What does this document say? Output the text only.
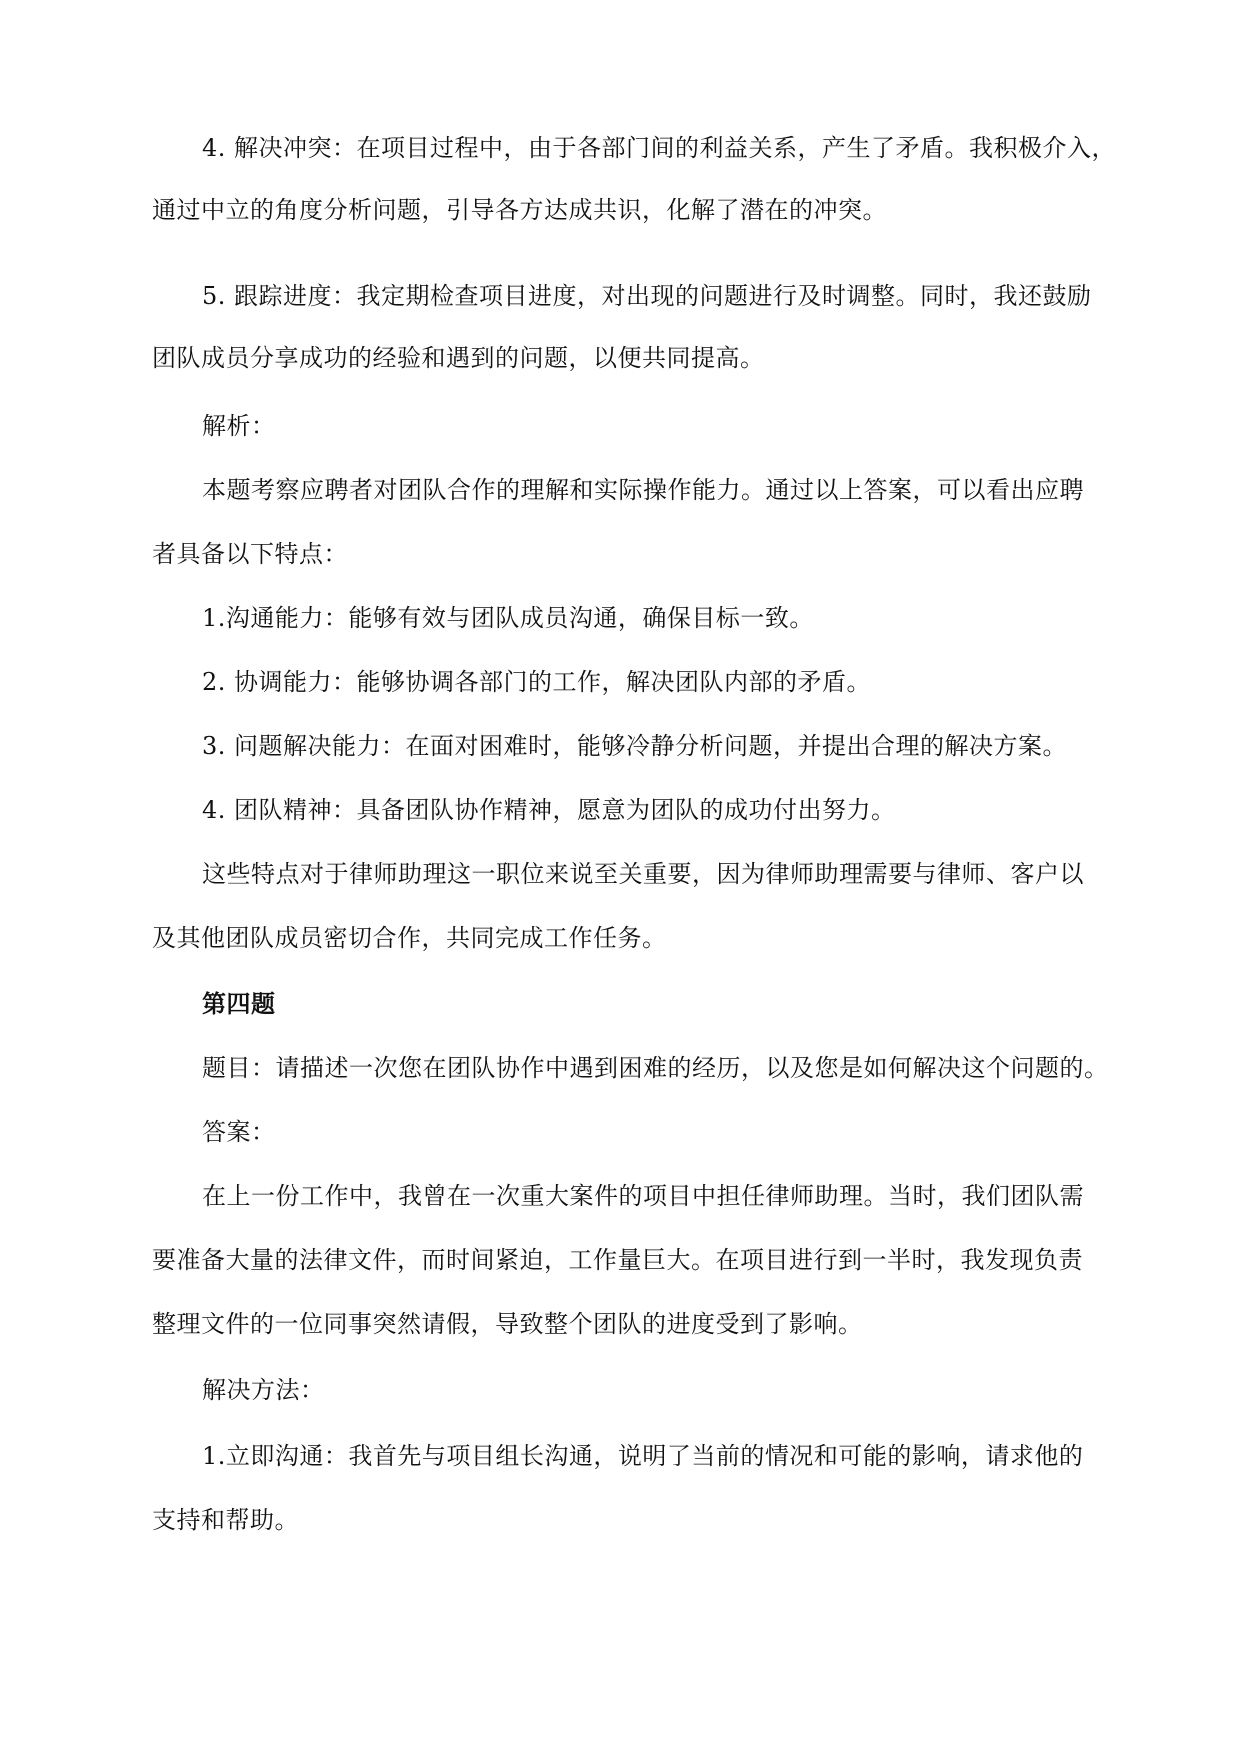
4. 解决冲突：在项目过程中，由于各部门间的利益关系，产生了矛盾。我积极介入，
通过中立的角度分析问题，引导各方达成共识，化解了潜在的冲突。
5. 跟踪进度：我定期检查项目进度，对出现的问题进行及时调整。同时，我还鼓励
团队成员分享成功的经验和遇到的问题，以便共同提高。
解析：
本题考察应聘者对团队合作的理解和实际操作能力。通过以上答案，可以看出应聘
者具备以下特点：
1.沟通能力：能够有效与团队成员沟通，确保目标一致。
2. 协调能力：能够协调各部门的工作，解决团队内部的矛盾。
3. 问题解决能力：在面对困难时，能够冷静分析问题，并提出合理的解决方案。
4. 团队精神：具备团队协作精神，愿意为团队的成功付出努力。
这些特点对于律师助理这一职位来说至关重要，因为律师助理需要与律师、客户以
及其他团队成员密切合作，共同完成工作任务。
第四题
题目：请描述一次您在团队协作中遇到困难的经历，以及您是如何解决这个问题的。
答案：
在上一份工作中，我曾在一次重大案件的项目中担任律师助理。当时，我们团队需
要准备大量的法律文件，而时间紧迫，工作量巨大。在项目进行到一半时，我发现负责
整理文件的一位同事突然请假，导致整个团队的进度受到了影响。
解决方法：
1.立即沟通：我首先与项目组长沟通，说明了当前的情况和可能的影响，请求他的
支持和帮助。
